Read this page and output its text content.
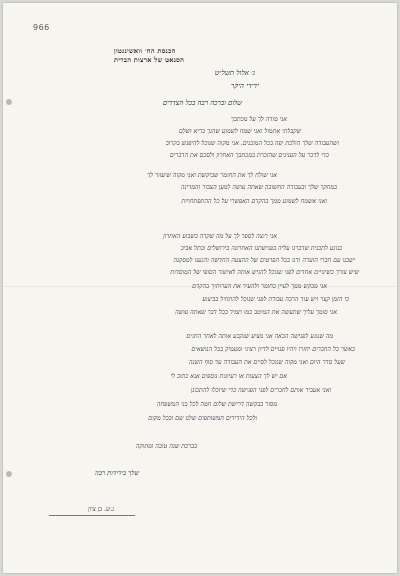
966
הכנסת הח׳ וואשינגטון
הסנאט של ארצות הברית
ג׳ אלול תשל״ט
ידידי היקר
שלום וברכה רבה בכל הצדדים
אני מודה לך על מכתבך
שקבלתי אתמול ואני שמח לשמוע שהנך בריא ושלם
ושהעבודה שלך הולכת יפה בכל המובנים. אני מקוה שנוכל להיפגש בקרוב
כדי לדבר על הענינים שהזכרת במכתבך האחרון ולסכם את הדברים
אני שולח לך את החומר שביקשת ואני מקוה שיעזור לך
במחקר שלך ובעבודה החשובה שאתה עושה למען הצבור והמדינה
ואני אשמח לשמוע ממך בהקדם האפשרי על כל ההתפתחויות
אני רוצה לספר לך על מה שקרה בשבוע האחרון
בנוגע לתכנית שדברנו עליה בפגישתנו האחרונה בירושלים ובתל אביב
ישבנו עם חברי הועדה ודנו בכל הפרטים של ההצעה החדשה והגענו למסקנה
שיש צורך בשינויים אחדים לפני שנוכל להגיש אותה לאישור הסופי של המוסדות
אני מבקש ממך לעיין בחומר ולהעיר את הערותיך בהקדם
כי הזמן קצר ויש עוד הרבה עבודה לפני שנוכל להתחיל בביצוע
אני סומך עליך שתעשה את המיטב כמו תמיד בכל דבר שאתה עושה
מה שנוגע לפגישה הבאה אני מציע שנקבע אותה לאחר החגים
כאשר כל החברים יחזרו ויהיו פנויים לדיון רציני ומעמיק בכל הנושאים
שעל סדר היום ואני מקוה שנוכל לסיים את העבודה עד סוף השנה
אם יש לך הצעות או רעיונות נוספים אנא כתוב לי
ואני אעביר אותם לחברים לפני הפגישה כדי שיוכלו להתכונן
מסור בבקשה דרישת שלום חמה לכל בני המשפחה
ולכל הידידים המשותפים שלנו שם ובכל מקום
בברכת שנה טובה ומתוקה
שלך בידידות רבה
ג.ש. בן ציון
